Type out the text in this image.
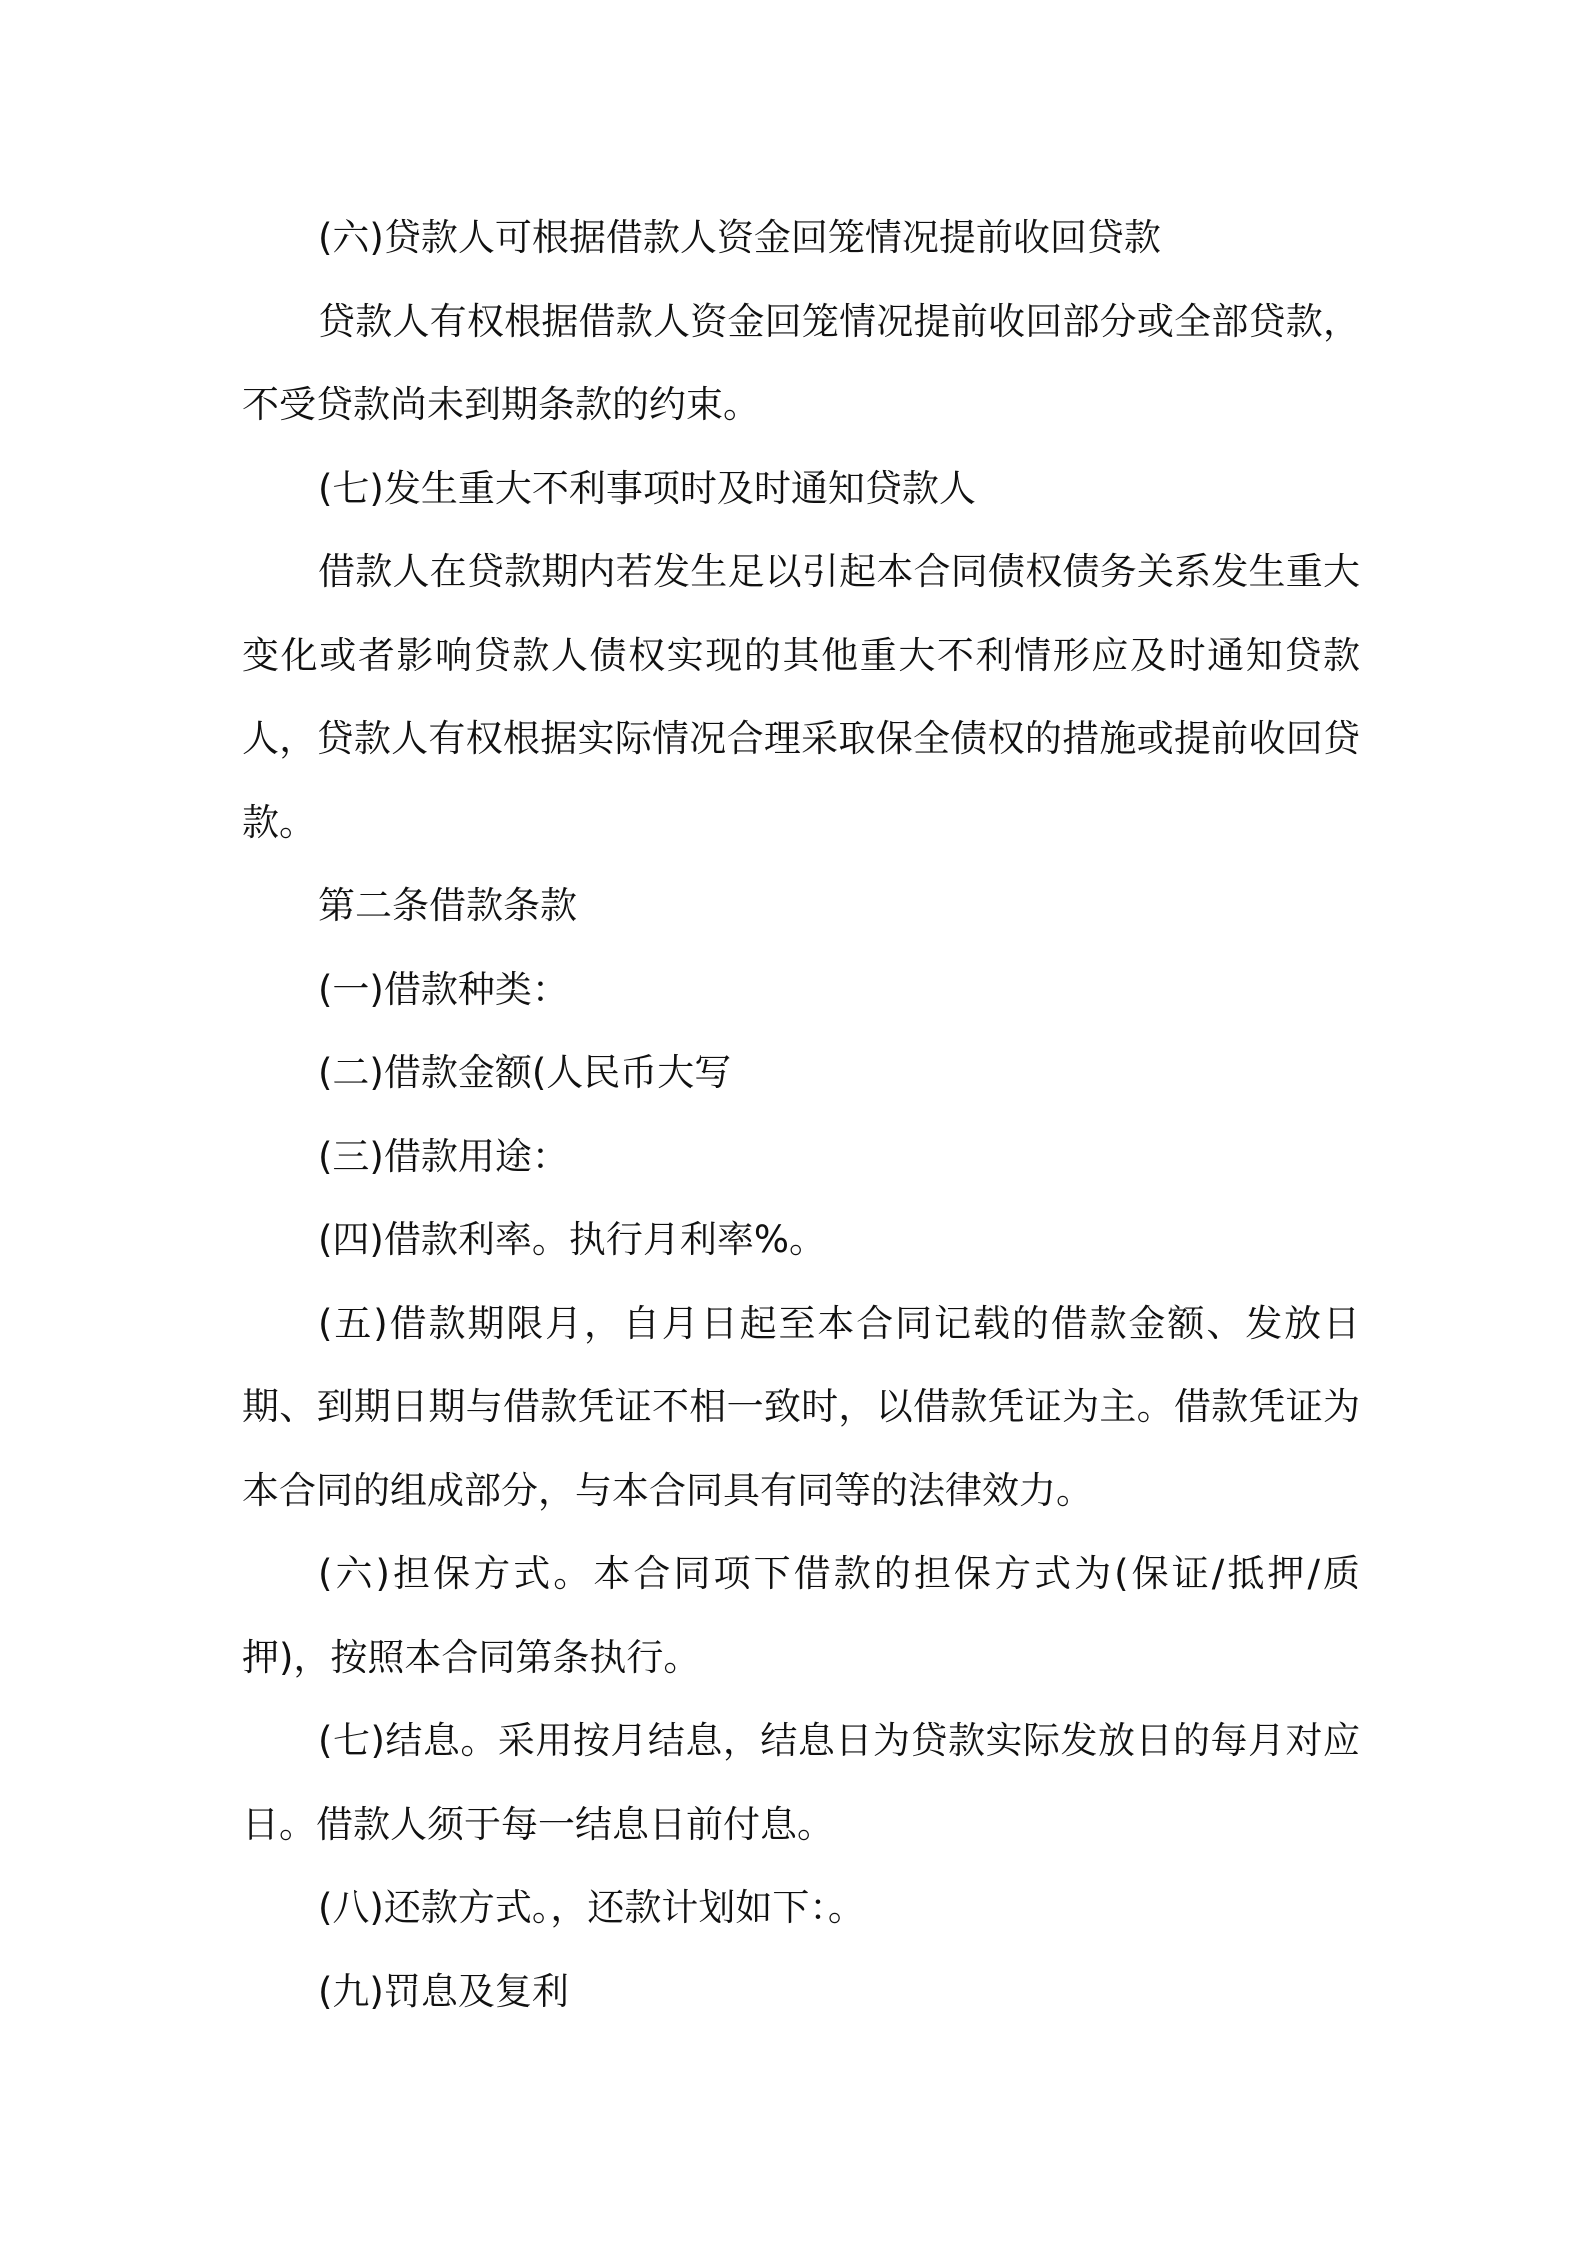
(六)贷款人可根据借款人资金回笼情况提前收回贷款

贷款人有权根据借款人资金回笼情况提前收回部分或全部贷款，不受贷款尚未到期条款的约束。

(七)发生重大不利事项时及时通知贷款人

借款人在贷款期内若发生足以引起本合同债权债务关系发生重大变化或者影响贷款人债权实现的其他重大不利情形应及时通知贷款人，贷款人有权根据实际情况合理采取保全债权的措施或提前收回贷款。

第二条借款条款

(一)借款种类：

(二)借款金额(人民币大写

(三)借款用途：

(四)借款利率。执行月利率%。

(五)借款期限月，自月日起至本合同记载的借款金额、发放日期、到期日期与借款凭证不相一致时，以借款凭证为主。借款凭证为本合同的组成部分，与本合同具有同等的法律效力。

(六)担保方式。本合同项下借款的担保方式为(保证/抵押/质押)，按照本合同第条执行。

(七)结息。采用按月结息，结息日为贷款实际发放日的每月对应日。借款人须于每一结息日前付息。

(八)还款方式。，还款计划如下：。

(九)罚息及复利
